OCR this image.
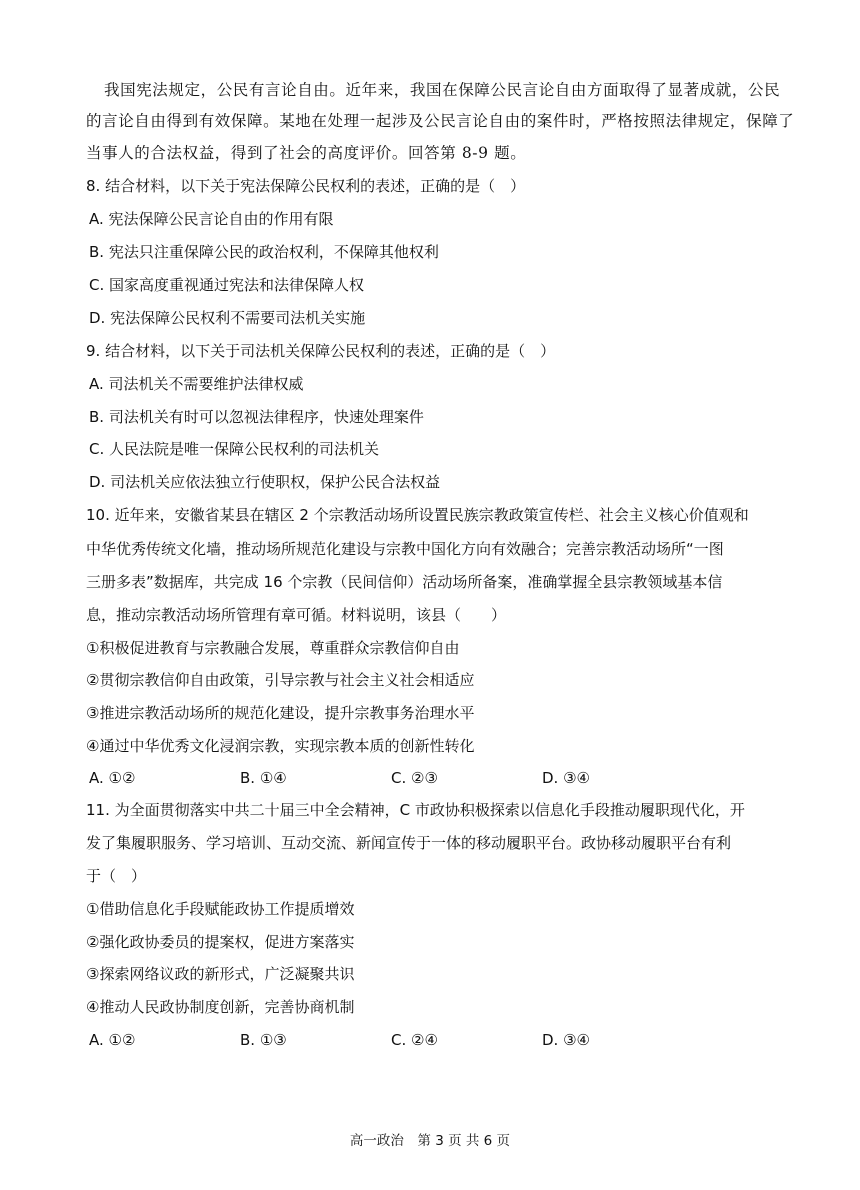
我国宪法规定，公民有言论自由。近年来，我国在保障公民言论自由方面取得了显著成就，公民
的言论自由得到有效保障。某地在处理一起涉及公民言论自由的案件时，严格按照法律规定，保障了
当事人的合法权益，得到了社会的高度评价。回答第 8-9 题。
8. 结合材料，以下关于宪法保障公民权利的表述，正确的是（　）
A. 宪法保障公民言论自由的作用有限
B. 宪法只注重保障公民的政治权利，不保障其他权利
C. 国家高度重视通过宪法和法律保障人权
D. 宪法保障公民权利不需要司法机关实施
9. 结合材料，以下关于司法机关保障公民权利的表述，正确的是（　）
A. 司法机关不需要维护法律权威
B. 司法机关有时可以忽视法律程序，快速处理案件
C. 人民法院是唯一保障公民权利的司法机关
D. 司法机关应依法独立行使职权，保护公民合法权益
10. 近年来，安徽省某县在辖区 2 个宗教活动场所设置民族宗教政策宣传栏、社会主义核心价值观和
中华优秀传统文化墙，推动场所规范化建设与宗教中国化方向有效融合；完善宗教活动场所“一图
三册多表”数据库，共完成 16 个宗教（民间信仰）活动场所备案，准确掌握全县宗教领域基本信
息，推动宗教活动场所管理有章可循。材料说明，该县（　　）
①积极促进教育与宗教融合发展，尊重群众宗教信仰自由
②贯彻宗教信仰自由政策，引导宗教与社会主义社会相适应
③推进宗教活动场所的规范化建设，提升宗教事务治理水平
④通过中华优秀文化浸润宗教，实现宗教本质的创新性转化
A. ①②	B. ①④	C. ②③	D. ③④
11. 为全面贯彻落实中共二十届三中全会精神，C 市政协积极探索以信息化手段推动履职现代化，开
发了集履职服务、学习培训、互动交流、新闻宣传于一体的移动履职平台。政协移动履职平台有利
于（　）
①借助信息化手段赋能政协工作提质增效
②强化政协委员的提案权，促进方案落实
③探索网络议政的新形式，广泛凝聚共识
④推动人民政协制度创新，完善协商机制
A. ①②	B. ①③	C. ②④	D. ③④
高一政治　第 3 页 共 6 页
